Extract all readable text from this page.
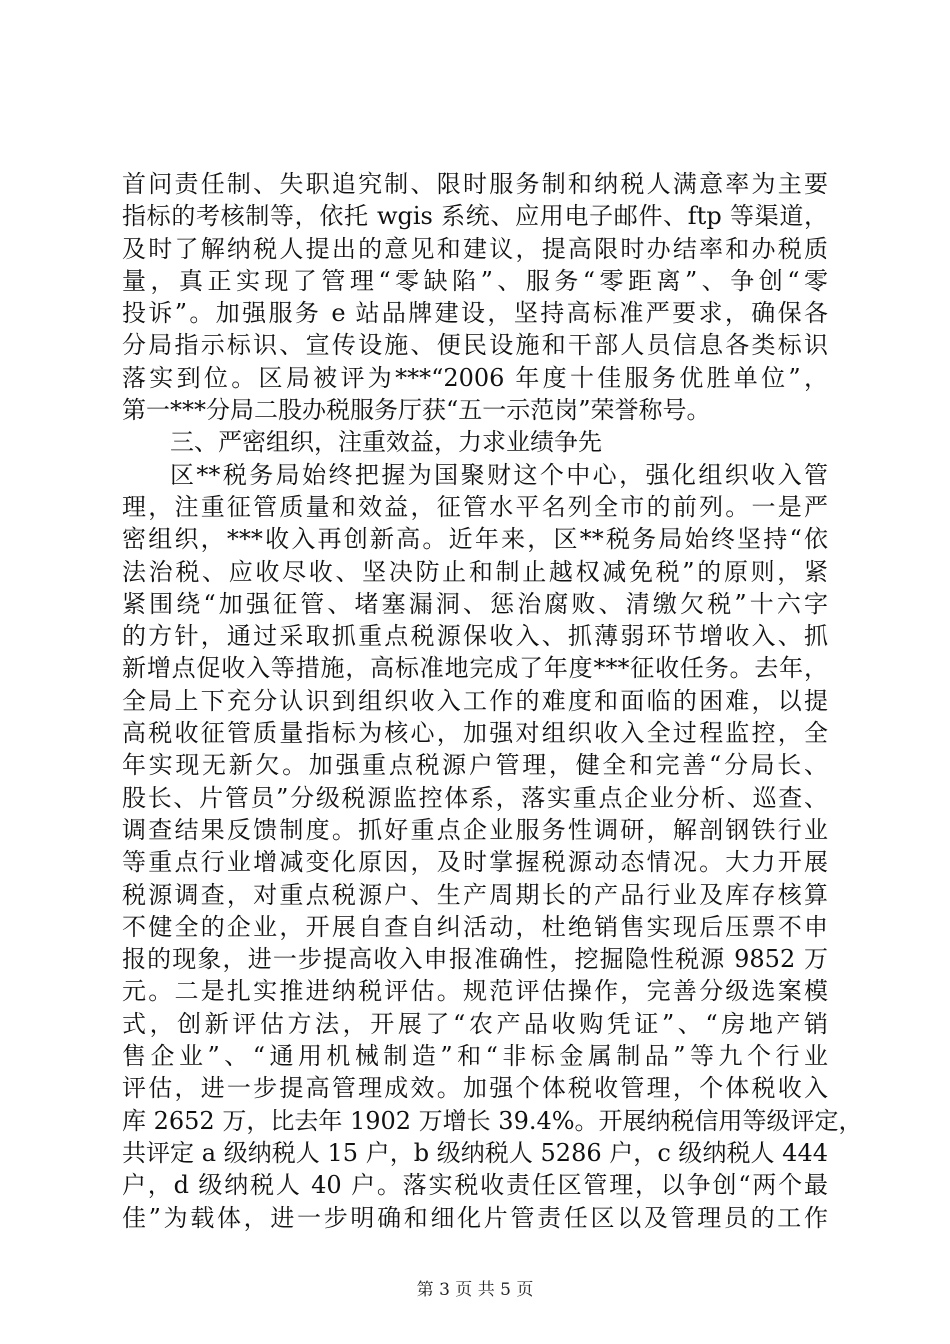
首问责任制、失职追究制、限时服务制和纳税人满意率为主要
指标的考核制等，依托 wgis 系统、应用电子邮件、ftp 等渠道，
及时了解纳税人提出的意见和建议，提高限时办结率和办税质
量，真正实现了管理“零缺陷”、服务“零距离”、争创“零
投诉”。加强服务 e 站品牌建设，坚持高标准严要求，确保各
分局指示标识、宣传设施、便民设施和干部人员信息各类标识
落实到位。区局被评为***“2006 年度十佳服务优胜单位”，
第一***分局二股办税服务厅获“五一示范岗”荣誉称号。
三、严密组织，注重效益，力求业绩争先
区**税务局始终把握为国聚财这个中心，强化组织收入管
理，注重征管质量和效益，征管水平名列全市的前列。一是严
密组织，***收入再创新高。近年来，区**税务局始终坚持“依
法治税、应收尽收、坚决防止和制止越权减免税”的原则，紧
紧围绕“加强征管、堵塞漏洞、惩治腐败、清缴欠税”十六字
的方针，通过采取抓重点税源保收入、抓薄弱环节增收入、抓
新增点促收入等措施，高标准地完成了年度***征收任务。去年，
全局上下充分认识到组织收入工作的难度和面临的困难，以提
高税收征管质量指标为核心，加强对组织收入全过程监控，全
年实现无新欠。加强重点税源户管理，健全和完善“分局长、
股长、片管员”分级税源监控体系，落实重点企业分析、巡查、
调查结果反馈制度。抓好重点企业服务性调研，解剖钢铁行业
等重点行业增减变化原因，及时掌握税源动态情况。大力开展
税源调查，对重点税源户、生产周期长的产品行业及库存核算
不健全的企业，开展自查自纠活动，杜绝销售实现后压票不申
报的现象，进一步提高收入申报准确性，挖掘隐性税源 9852 万
元。二是扎实推进纳税评估。规范评估操作，完善分级选案模
式，创新评估方法，开展了“农产品收购凭证”、“房地产销
售企业”、“通用机械制造”和“非标金属制品”等九个行业
评估，进一步提高管理成效。加强个体税收管理，个体税收入
库 2652 万，比去年 1902 万增长 39.4%。开展纳税信用等级评定，
共评定 a 级纳税人 15 户，b 级纳税人 5286 户，c 级纳税人 444
户，d 级纳税人 40 户。落实税收责任区管理，以争创“两个最
佳”为载体，进一步明确和细化片管责任区以及管理员的工作
第 3 页 共 5 页
